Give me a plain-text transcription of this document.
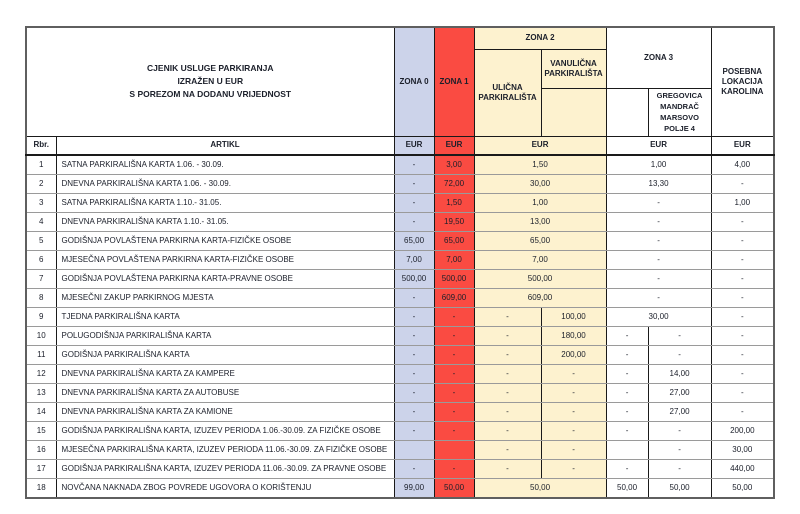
CJENIK USLUGE PARKIRANJA
IZRAŽEN U EUR
S POREZOM NA DODANU VRIJEDNOST		ZONA 0	ZONA 1	ZONA 2		ZONA 3		POSEBNA LOKACIJA KAROLINA
				ULIČNA PARKIRALIŠTA	VANULIČNA PARKIRALIŠTA			
							GREGOVICA MANDRAČ MARSOVO POLJE 4	
Rbr.	ARTIKL	EUR	EUR	EUR		EUR		EUR
1	SATNA PARKIRALIŠNA KARTA 1.06. - 30.09.	-	3,00	1,50		1,00		4,00
2	DNEVNA PARKIRALIŠNA KARTA 1.06. - 30.09.	-	72,00	30,00		13,30		-
3	SATNA PARKIRALIŠNA KARTA 1.10.- 31.05.	-	1,50	1,00		-		1,00
4	DNEVNA PARKIRALIŠNA KARTA 1.10.- 31.05.	-	19,50	13,00		-		-
5	GODIŠNJA POVLAŠTENA PARKIRNA KARTA-FIZIČKE OSOBE	65,00	65,00	65,00		-		-
6	MJESEČNA POVLAŠTENA PARKIRNA KARTA-FIZIČKE OSOBE	7,00	7,00	7,00		-		-
7	GODIŠNJA POVLAŠTENA PARKIRNA KARTA-PRAVNE OSOBE	500,00	500,00	500,00		-		-
8	MJESEČNI ZAKUP PARKIRNOG MJESTA	-	609,00	609,00		-		-
9	TJEDNA PARKIRALIŠNA KARTA	-	-	-	100,00	30,00		-
10	POLUGODIŠNJA PARKIRALIŠNA KARTA	-	-	-	180,00	-	-	-
11	GODIŠNJA PARKIRALIŠNA KARTA	-	-	-	200,00	-	-	-
12	DNEVNA PARKIRALIŠNA KARTA ZA KAMPERE	-	-	-	-	-	14,00	-
13	DNEVNA PARKIRALIŠNA KARTA ZA AUTOBUSE	-	-	-	-	-	27,00	-
14	DNEVNA PARKIRALIŠNA KARTA ZA KAMIONE	-	-	-	-	-	27,00	-
15	GODIŠNJA PARKIRALIŠNA KARTA, IZUZEV PERIODA 1.06.-30.09. ZA FIZIČKE OSOBE	-	-	-	-	-	-	200,00
16	MJESEČNA PARKIRALIŠNA KARTA, IZUZEV PERIODA 11.06.-30.09. ZA FIZIČKE OSOBE			-	-		-	30,00
17	GODIŠNJA PARKIRALIŠNA KARTA, IZUZEV PERIODA 11.06.-30.09. ZA PRAVNE OSOBE	-	-	-	-	-	-	440,00
18	NOVČANA NAKNADA ZBOG POVREDE UGOVORA O KORIŠTENJU	99,00	50,00	50,00		50,00	50,00	50,00
